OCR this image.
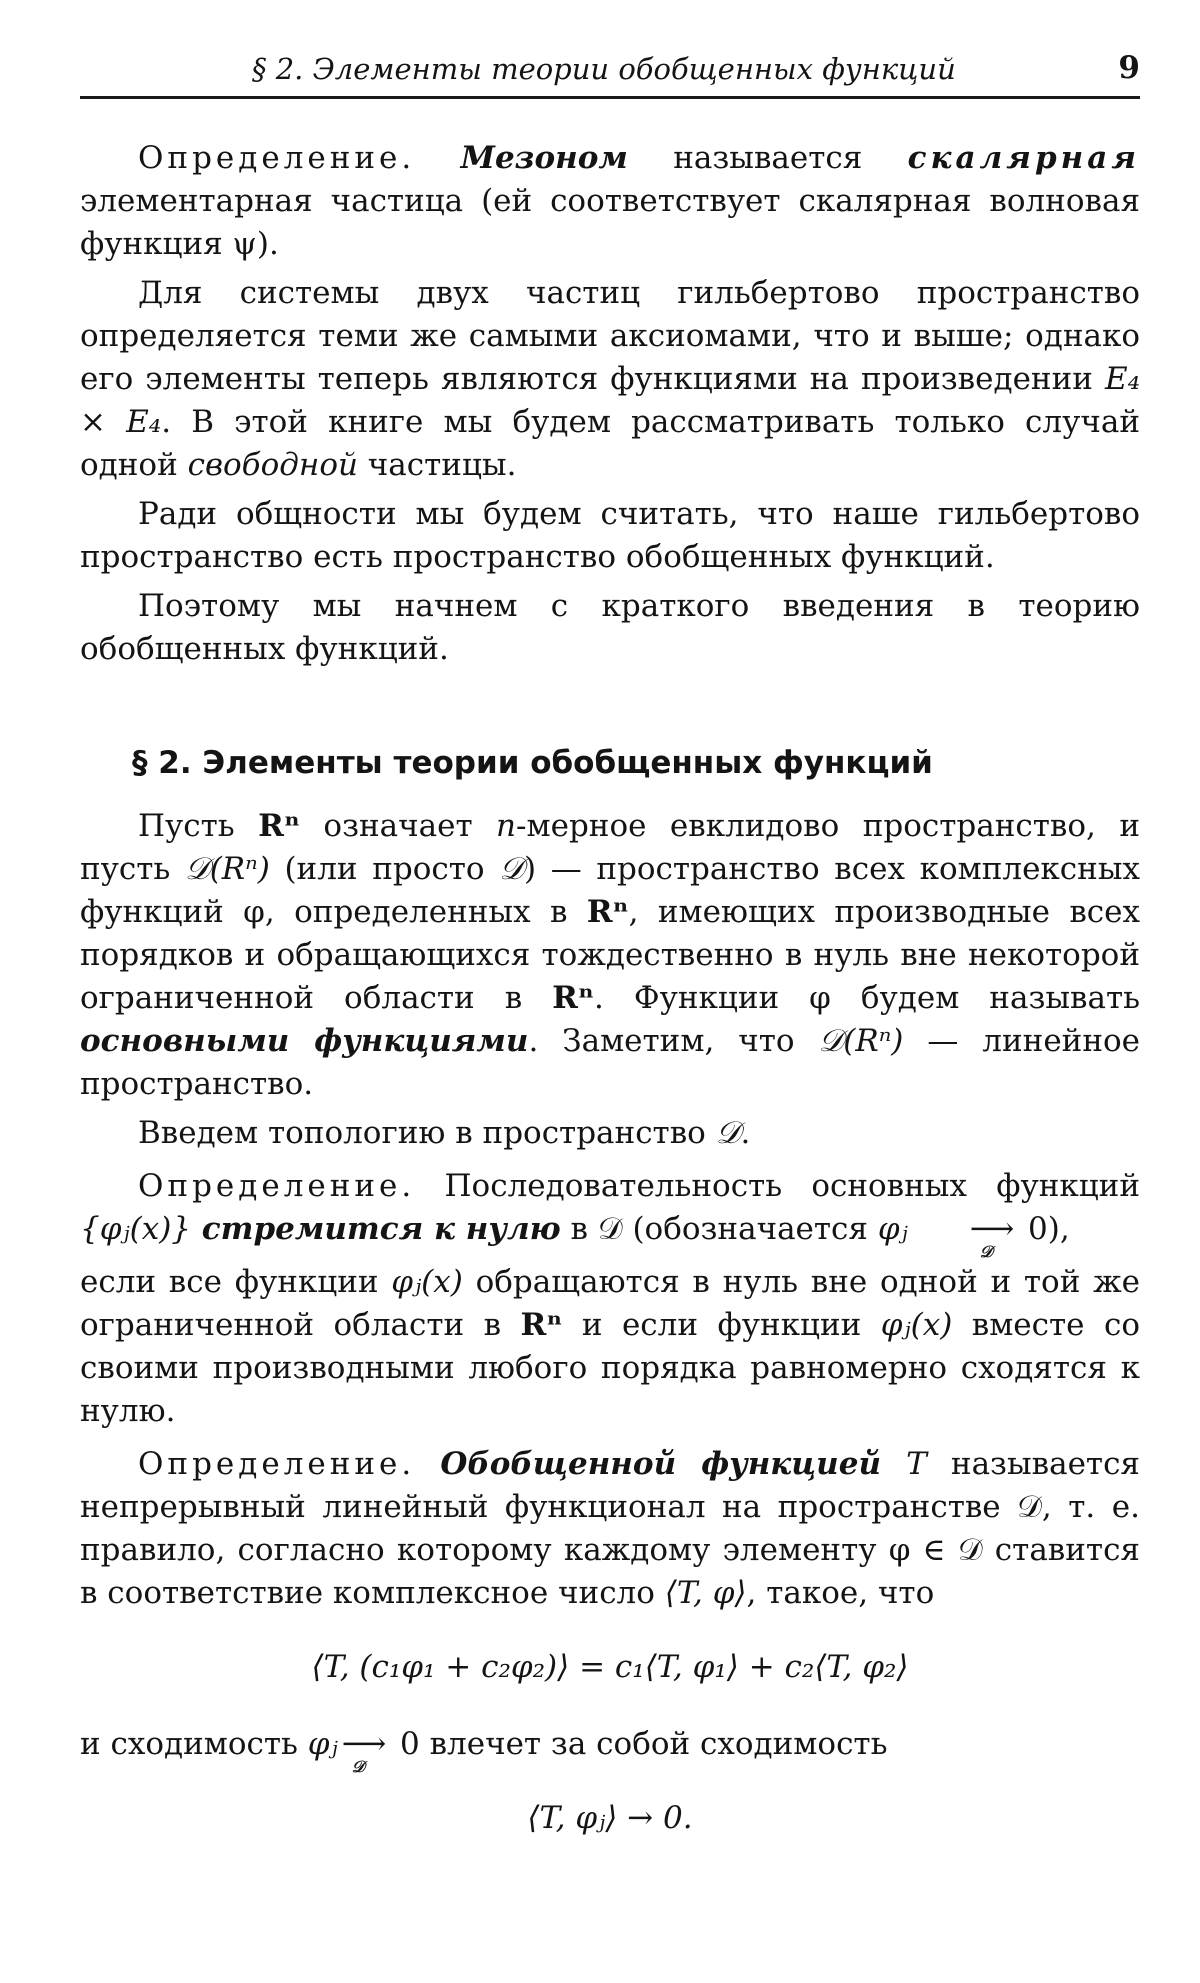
§ 2. Элементы теории обобщенных функций	9

Определение. Мезоном называется скалярная элементарная частица (ей соответствует скалярная волновая функция ψ).

Для системы двух частиц гильбертово пространство определяется теми же самыми аксиомами, что и выше; однако его элементы теперь являются функциями на произведении E₄ × E₄. В этой книге мы будем рассматривать только случай одной свободной частицы.

Ради общности мы будем считать, что наше гильбертово пространство есть пространство обобщенных функций.

Поэтому мы начнем с краткого введения в теорию обобщенных функций.

§ 2. Элементы теории обобщенных функций

Пусть Rⁿ означает n-мерное евклидово пространство, и пусть 𝒟(Rⁿ) (или просто 𝒟) — пространство всех комплексных функций φ, определенных в Rⁿ, имеющих производные всех порядков и обращающихся тождественно в нуль вне некоторой ограниченной области в Rⁿ. Функции φ будем называть основными функциями. Заметим, что 𝒟(Rⁿ) — линейное пространство.

Введем топологию в пространство 𝒟.

Определение. Последовательность основных функций {φⱼ(x)} стремится к нулю в 𝒟 (обозначается φⱼ ⟶
𝒟
0),

если все функции φⱼ(x) обращаются в нуль вне одной и той же ограниченной области в Rⁿ и если функции φⱼ(x) вместе со своими производными любого порядка равномерно сходятся к нулю.

Определение. Обобщенной функцией T называется непрерывный линейный функционал на пространстве 𝒟, т. е. правило, согласно которому каждому элементу φ ∈ 𝒟 ставится в соответствие комплексное число ⟨T, φ⟩, такое, что

⟨T, (c₁φ₁ + c₂φ₂)⟩ = c₁⟨T, φ₁⟩ + c₂⟨T, φ₂⟩

и сходимость φⱼ ⟶
𝒟
0 влечет за собой сходимость

⟨T, φⱼ⟩ → 0.
